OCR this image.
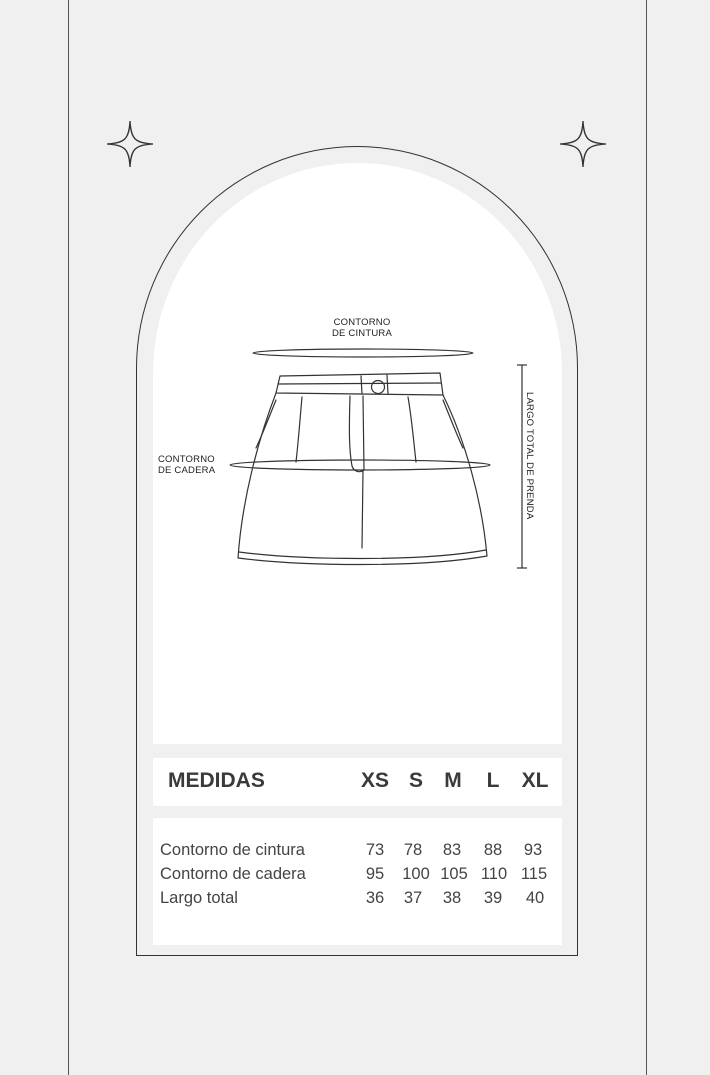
CONTORNO
DE CINTURA
CONTORNO
DE CADERA	LARGO TOTAL DE PRENDA
MEDIDAS	XS S	M	L	XL
Contorno de cintura	73	78	83	88	93
Contorno de cadera	95	100 105 110 115
Largo total	36	37	38	39	40
